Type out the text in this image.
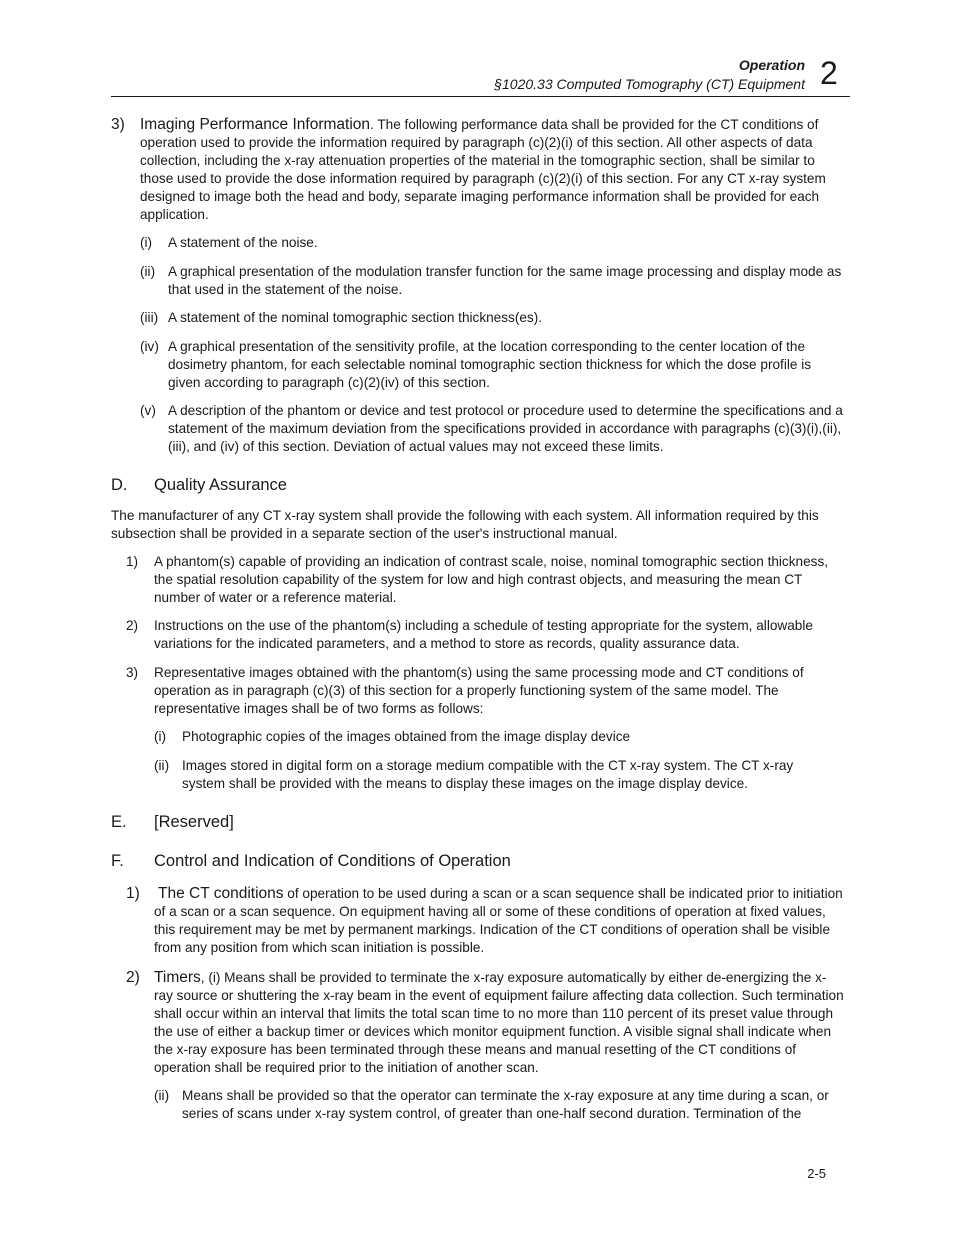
Operation
§1020.33 Computed Tomography (CT) Equipment 2
3) Imaging Performance Information. The following performance data shall be provided for the CT conditions of operation used to provide the information required by paragraph (c)(2)(i) of this section. All other aspects of data collection, including the x-ray attenuation properties of the material in the tomographic section, shall be similar to those used to provide the dose information required by paragraph (c)(2)(i) of this section. For any CT x-ray system designed to image both the head and body, separate imaging performance information shall be provided for each application.
(i) A statement of the noise.
(ii) A graphical presentation of the modulation transfer function for the same image processing and display mode as that used in the statement of the noise.
(iii) A statement of the nominal tomographic section thickness(es).
(iv) A graphical presentation of the sensitivity profile, at the location corresponding to the center location of the dosimetry phantom, for each selectable nominal tomographic section thickness for which the dose profile is given according to paragraph (c)(2)(iv) of this section.
(v) A description of the phantom or device and test protocol or procedure used to determine the specifications and a statement of the maximum deviation from the specifications provided in accordance with paragraphs (c)(3)(i),(ii),(iii), and (iv) of this section. Deviation of actual values may not exceed these limits.
D. Quality Assurance
The manufacturer of any CT x-ray system shall provide the following with each system. All information required by this subsection shall be provided in a separate section of the user's instructional manual.
1) A phantom(s) capable of providing an indication of contrast scale, noise, nominal tomographic section thickness, the spatial resolution capability of the system for low and high contrast objects, and measuring the mean CT number of water or a reference material.
2) Instructions on the use of the phantom(s) including a schedule of testing appropriate for the system, allowable variations for the indicated parameters, and a method to store as records, quality assurance data.
3) Representative images obtained with the phantom(s) using the same processing mode and CT conditions of operation as in paragraph (c)(3) of this section for a properly functioning system of the same model. The representative images shall be of two forms as follows:
(i) Photographic copies of the images obtained from the image display device
(ii) Images stored in digital form on a storage medium compatible with the CT x-ray system. The CT x-ray system shall be provided with the means to display these images on the image display device.
E. [Reserved]
F. Control and Indication of Conditions of Operation
1) The CT conditions of operation to be used during a scan or a scan sequence shall be indicated prior to initiation of a scan or a scan sequence. On equipment having all or some of these conditions of operation at fixed values, this requirement may be met by permanent markings. Indication of the CT conditions of operation shall be visible from any position from which scan initiation is possible.
2) Timers, (i) Means shall be provided to terminate the x-ray exposure automatically by either de-energizing the x-ray source or shuttering the x-ray beam in the event of equipment failure affecting data collection. Such termination shall occur within an interval that limits the total scan time to no more than 110 percent of its preset value through the use of either a backup timer or devices which monitor equipment function. A visible signal shall indicate when the x-ray exposure has been terminated through these means and manual resetting of the CT conditions of operation shall be required prior to the initiation of another scan.
(ii) Means shall be provided so that the operator can terminate the x-ray exposure at any time during a scan, or series of scans under x-ray system control, of greater than one-half second duration. Termination of the
2-5
